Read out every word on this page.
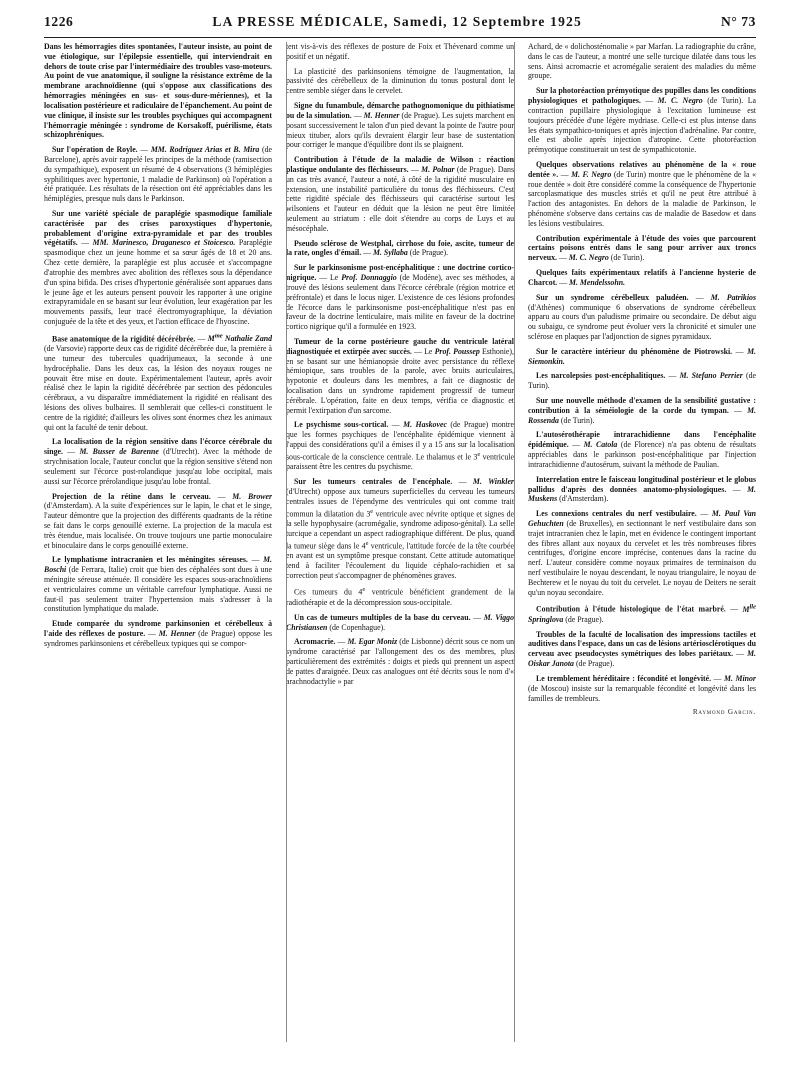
1226	LA PRESSE MÉDICALE, Samedi, 12 Septembre 1925	N° 73

Dans les hémorragies dites spontanées, l'auteur insiste, au point de vue étiologique, sur l'épilepsie essentielle, qui interviendrait en dehors de toute crise par l'intermédiaire des troubles vaso-moteurs. Au point de vue anatomique, il souligne la résistance extrême de la membrane arachnoïdienne (qui s'oppose aux classifications des hémorragies méningées en sus- et sous-dure-mériennes), et la localisation postérieure et radiculaire de l'épanchement. Au point de vue clinique, il insiste sur les troubles psychiques qui accompagnent l'hémorragie méningée : syndrome de Korsakoff, puérilisme, états schizophréniques.

Sur l'opération de Royle. — MM. Rodriguez Arias et B. Mira (de Barcelone), après avoir rappelé les principes de la méthode (ramisection du sympathique), exposent un résumé de 4 observations (3 hémiplégies syphilitiques avec hypertonie, 1 maladie de Parkinson) où l'opération a été pratiquée. Les résultats de la résection ont été appréciables dans les hémiplégies, presque nuls dans le Parkinson.

Sur une variété spéciale de paraplégie spasmodique familiale caractérisée par des crises paroxystiques d'hypertonie, probablement d'origine extra-pyramidale et par des troubles végétatifs. — MM. Marinesco, Draganesco et Stoicesco. Paraplégie spasmodique chez un jeune homme et sa sœur âgés de 18 et 20 ans. Chez cette dernière, la paraplégie est plus accusée et s'accompagne d'atrophie des membres avec abolition des réflexes sous la dépendance d'un spina bifida. Des crises d'hypertonie généralisée sont apparues dans le jeune âge et les auteurs pensent pouvoir les rapporter à une origine extrapyramidale en se basant sur leur évolution, leur exagération par les mouvements passifs, leur tracé électromyographique, la déviation conjuguée de la tête et des yeux, et l'action efficace de l'hyoscine.

Base anatomique de la rigidité décérébrée. — $M^{me}$ Nathalie Zand (de Varsovie) rapporte deux cas de rigidité décérébrée due, la première à une tumeur des tubercules quadrijumeaux, la seconde à une hydrocéphalie. Dans les deux cas, la lésion des noyaux rouges ne pouvait être mise en doute. Expérimentalement l'auteur, après avoir réalisé chez le lapin la rigidité décérébrée par section des pédoncules cérébraux, a vu disparaître immédiatement la rigidité en réalisant des lésions des olives bulbaires. Il semblerait que celles-ci constituent le centre de la rigidité; d'ailleurs les olives sont énormes chez les animaux qui ont la faculté de tenir debout.

La localisation de la région sensitive dans l'écorce cérébrale du singe. — M. Busser de Barenne (d'Utrecht). Avec la méthode de strychnisation locale, l'auteur conclut que la région sensitive s'étend non seulement sur l'écorce post-rolandique jusqu'au lobe occipital, mais aussi sur l'écorce prérolandique jusqu'au lobe frontal.

Projection de la rétine dans le cerveau. — M. Brower (d'Amsterdam). A la suite d'expériences sur le lapin, le chat et le singe, l'auteur démontre que la projection des différents quadrants de la rétine se fait dans le corps genouillé externe. La projection de la macula est très étendue, mais localisée. On trouve toujours une partie monoculaire et binoculaire dans le corps genouillé externe.

Le lymphatisme intracranien et les méningites séreuses. — M. Boschi (de Ferrara, Italie) croit que bien des céphalées sont dues à une méningite séreuse atténuée. Il considère les espaces sous-arachnoïdiens et ventriculaires comme un véritable carrefour lymphatique. Aussi ne faut-il pas seulement traiter l'hypertension mais s'adresser à la constitution lymphatique du malade.

Etude comparée du syndrome parkinsonien et cérébelleux à l'aide des réflexes de posture. — M. Henner (de Prague) oppose les syndromes parkinsoniens et cérébelleux typiques qui se compor-

tent vis-à-vis des réflexes de posture de Foix et Thévenard comme un positif et un négatif.

La plasticité des parkinsoniens témoigne de l'augmentation, la passivité des cérébelleux de la diminution du tonus postural dont le centre semble siéger dans le cervelet.

Signe du funambule, démarche pathognomonique du pithiatisme ou de la simulation. — M. Henner (de Prague). Les sujets marchent en posant successivement le talon d'un pied devant la pointe de l'autre pour mieux tituber, alors qu'ils devraient élargir leur base de sustentation pour corriger le manque d'équilibre dont ils se plaignent.

Contribution à l'étude de la maladie de Wilson : réaction plastique ondulante des fléchisseurs. — M. Polnar (de Prague). Dans un cas très avancé, l'auteur a noté, à côté de la rigidité musculaire en extension, une instabilité particulière du tonus des fléchisseurs. C'est cette rigidité spéciale des fléchisseurs qui caractérise surtout les wilsoniens et l'auteur en déduit que la lésion ne peut être limitée seulement au striatum : elle doit s'étendre au corps de Luys et au mésocéphale.

Pseudo sclérose de Westphal, cirrhose du foie, ascite, tumeur de la rate, ongles d'émail. — M. Syllaba (de Prague).

Sur le parkinsonisme post-encéphalitique : une doctrine cortico-nigrique. — Le Prof. Donnaggio (de Modène), avec ses méthodes, a trouvé des lésions seulement dans l'écorce cérébrale (région motrice et préfrontale) et dans le locus niger. L'existence de ces lésions profondes de l'écorce dans le parkinsonisme post-encéphalitique n'est pas en faveur de la doctrine lenticulaire, mais milite en faveur de la doctrine cortico nigrique qu'il a formulée en 1923.

Tumeur de la corne postérieure gauche du ventricule latéral diagnostiquée et extirpée avec succès. — Le Prof. Poussep Esthonie), en se basant sur une hémianopsie droite avec persistance du réflexe hémiopique, sans troubles de la parole, avec bruits auriculaires, hypotonie et douleurs dans les membres, a fait ce diagnostic de localisation dans un syndrome rapidement progressif de tumeur cérébrale. L'opération, faite en deux temps, vérifia ce diagnostic et permit l'extirpation d'un sarcome.

Le psychisme sous-cortical. — M. Haskovec (de Prague) montre que les formes psychiques de l'encéphalite épidémique viennent à l'appui des considérations qu'il a émises il y a 15 ans sur la localisation sous-corticale de la conscience centrale. Le thalamus et le 3e ventricule paraissent être les centres du psychisme.

Sur les tumeurs centrales de l'encéphale. — M. Winkler (d'Utrecht) oppose aux tumeurs superficielles du cerveau les tumeurs centrales issues de l'épendyme des ventricules qui ont comme trait commun la dilatation du 3e ventricule avec névrite optique et signes de la selle hypophysaire (acromégalie, syndrome adiposo-génital). La selle turcique a cependant un aspect radiographique différent. De plus, quand la tumeur siège dans le 4e ventricule, l'attitude forcée de la tête courbée en avant est un symptôme presque constant. Cette attitude automatique tend à faciliter l'écoulement du liquide céphalo-rachidien et sa correction peut s'accompagner de phénomènes graves.

Ces tumeurs du 4e ventricule bénéficient grandement de la radiothérapie et de la décompression sous-occipitale.

Un cas de tumeurs multiples de la base du cerveau. — M. Viggo Christiansen (de Copenhague).

Acromacrie. — M. Egar Moniz (de Lisbonne) décrit sous ce nom un syndrome caractérisé par l'allongement des os des membres, plus particulièrement des extrémités : doigts et pieds qui prennent un aspect de pattes d'araignée. Deux cas analogues ont été décrits sous le nom d'« arachnodactylie » par

Achard, de « dolichosténomalie » par Marfan. La radiographie du crâne, dans le cas de l'auteur, a montré une selle turcique dilatée dans tous les sens. Ainsi acromacrie et acromégalie seraient des maladies du même groupe.

Sur la photoréaction prémyotique des pupilles dans les conditions physiologiques et pathologiques. — M. C. Negro (de Turin). La contraction pupillaire physiologique à l'excitation lumineuse est toujours précédée d'une légère mydriase. Celle-ci est plus intense dans les états sympathico-toniques et après injection d'adrénaline. Par contre, elle est abolie après injection d'atropine. Cette photoréaction prémyotique constituerait un test de sympathicotonie.

Quelques observations relatives au phénomène de la « roue dentée ». — M. F. Negro (de Turin) montre que le phénomène de la « roue dentée » doit être considéré comme la conséquence de l'hypertonie sarcoplasmatique des muscles striés et qu'il ne peut être attribué à l'action des antagonistes. En dehors de la maladie de Parkinson, le phénomène s'observe dans certains cas de maladie de Basedow et dans les lésions vestibulaires.

Contribution expérimentale à l'étude des voies que parcourent certains poisons entrés dans le sang pour arriver aux troncs nerveux. — M. C. Negro (de Turin).

Quelques faits expérimentaux relatifs à l'ancienne hysterie de Charcot. — M. Mendelssohn.

Sur un syndrome cérébelleux paludéen. — M. Patrikios (d'Athènes) communique 6 observations de syndrome cérébelleux apparu au cours d'un paludisme primaire ou secondaire. De début aigu ou subaigu, ce syndrome peut évoluer vers la chronicité et simuler une sclérose en plaques par l'adjonction de signes pyramidaux.

Sur le caractère intérieur du phénomène de Piotrowski. — M. Siemonkin.

Les narcolepsies post-encéphalitiques. — M. Stefano Perrier (de Turin).

Sur une nouvelle méthode d'examen de la sensibilité gustative : contribution à la séméiologie de la corde du tympan. — M. Rossenda (de Turin).

L'autosérothérapie intrarachidienne dans l'encéphalite épidémique. — M. Catola (de Florence) n'a pas obtenu de résultats appréciables dans le parkinson post-encéphalitique par l'injection intrarachidienne d'autosérum, suivant la méthode de Paulian.

Interrelation entre le faisceau longitudinal postérieur et le globus pallidus d'après des données anatomo-physiologiques. — M. Muskens (d'Amsterdam).

Les connexions centrales du nerf vestibulaire. — M. Paul Van Gehuchten (de Bruxelles), en sectionnant le nerf vestibulaire dans son trajet intracranien chez le lapin, met en évidence le contingent important des fibres allant aux noyaux du cervelet et les très nombreuses fibres centrifuges, d'origine encore imprécise, contenues dans la racine du nerf. L'auteur considère comme noyaux primaires de terminaison du nerf vestibulaire le noyau descendant, le noyau triangulaire, le noyau de Bechterew et le noyau du toit du cervelet. Le noyau de Deiters ne serait qu'un noyau secondaire.

Contribution à l'étude histologique de l'état marbré. — $M^{lle}$ Springlova (de Prague).

Troubles de la faculté de localisation des impressions tactiles et auditives dans l'espace, dans un cas de lésions artériosclérotiques du cerveau avec pseudocystes symétriques des lobes pariétaux. — M. Oiskar Janota (de Prague).

Le tremblement héréditaire : fécondité et longévité. — M. Minor (de Moscou) insiste sur la remarquable fécondité et longévité dans les familles de trembleurs.

Raymond Garcin.
